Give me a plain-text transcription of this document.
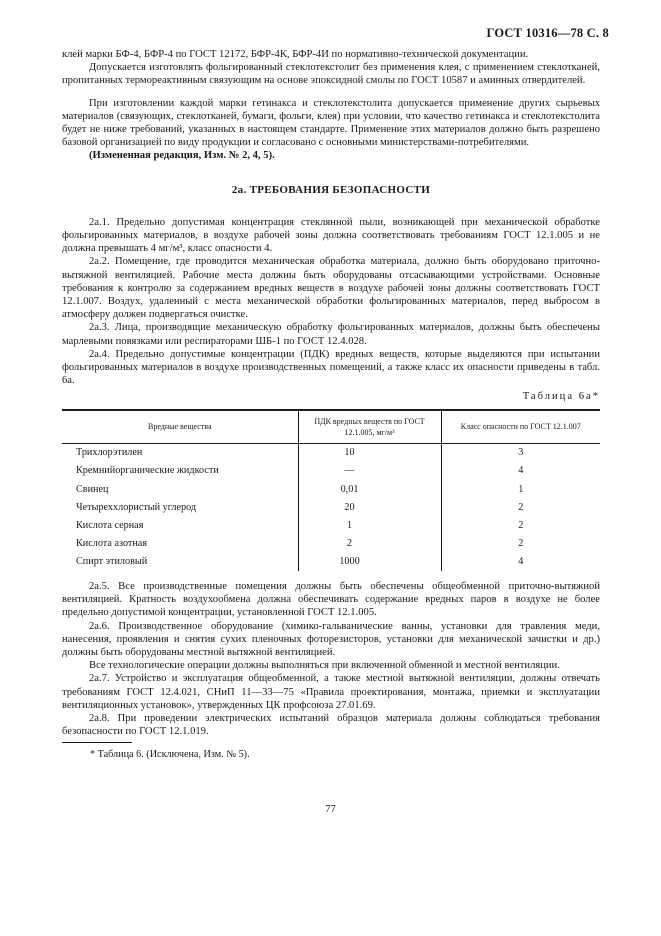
ГОСТ 10316—78 С. 8

клей марки БФ-4, БФР-4 по ГОСТ 12172, БФР-4К, БФР-4И по нормативно-технической документации.

Допускается изготовлять фольгированный стеклотекстолит без применения клея, с применением стеклотканей, пропитанных термореактивным связующим на основе эпоксидной смолы по ГОСТ 10587 и аминных отвердителей.

При изготовлении каждой марки гетинакса и стеклотекстолита допускается применение других сырьевых материалов (связующих, стеклотканей, бумаги, фольги, клея) при условии, что качество гетинакса и стеклотекстолита будет не ниже требований, указанных в настоящем стандарте. Применение этих материалов должно быть разрешено базовой организацией по виду продукции и согласовано с основными министерствами-потребителями.

(Измененная редакция, Изм. № 2, 4, 5).

2а. ТРЕБОВАНИЯ БЕЗОПАСНОСТИ

2а.1. Предельно допустимая концентрация стеклянной пыли, возникающей при механической обработке фольгированных материалов, в воздухе рабочей зоны должна соответствовать требованиям ГОСТ 12.1.005 и не должна превышать 4 мг/м³, класс опасности 4.

2а.2. Помещение, где проводится механическая обработка материала, должно быть оборудовано приточно-вытяжной вентиляцией. Рабочие места должны быть оборудованы отсасывающими устройствами. Основные требования к контролю за содержанием вредных веществ в воздухе рабочей зоны должны соответствовать ГОСТ 12.1.007. Воздух, удаленный с места механической обработки фольгированных материалов, перед выбросом в атмосферу должен подвергаться очистке.

2а.3. Лица, производящие механическую обработку фольгированных материалов, должны быть обеспечены марлевыми повязками или респираторами ШБ-1 по ГОСТ 12.4.028.

2а.4. Предельно допустимые концентрации (ПДК) вредных веществ, которые выделяются при испытании фольгированных материалов в воздухе производственных помещений, а также класс их опасности приведены в табл. 6а.

Таблица 6а*

Вредные вещества	ПДК вредных веществ по ГОСТ 12.1.005, мг/м³	Класс опасности по ГОСТ 12.1.007
Трихлорэтилен	10	3
Кремнийорганические жидкости	—	4
Свинец	0,01	1
Четыреххлористый углерод	20	2
Кислота серная	1	2
Кислота азотная	2	2
Спирт этиловый	1000	4

2а.5. Все производственные помещения должны быть обеспечены общеобменной приточно-вытяжной вентиляцией. Кратность воздухообмена должна обеспечивать содержание вредных паров в воздухе не более предельно допустимой концентрации, установленной ГОСТ 12.1.005.

2а.6. Производственное оборудование (химико-гальванические ванны, установки для травления меди, нанесения, проявления и снятия сухих пленочных фоторезисторов, установки для механической зачистки и др.) должны быть оборудованы местной вытяжной вентиляцией.

Все технологические операции должны выполняться при включенной обменной и местной вентиляции.

2а.7. Устройство и эксплуатация общеобменной, а также местной вытяжной вентиляции, должны отвечать требованиям ГОСТ 12.4.021, СНиП 11—33—75 «Правила проектирования, монтажа, приемки и эксплуатации вентиляционных установок», утвержденных ЦК профсоюза 27.01.69.

2а.8. При проведении электрических испытаний образцов материала должны соблюдаться требования безопасности по ГОСТ 12.1.019.

* Таблица 6. (Исключена, Изм. № 5).

77
